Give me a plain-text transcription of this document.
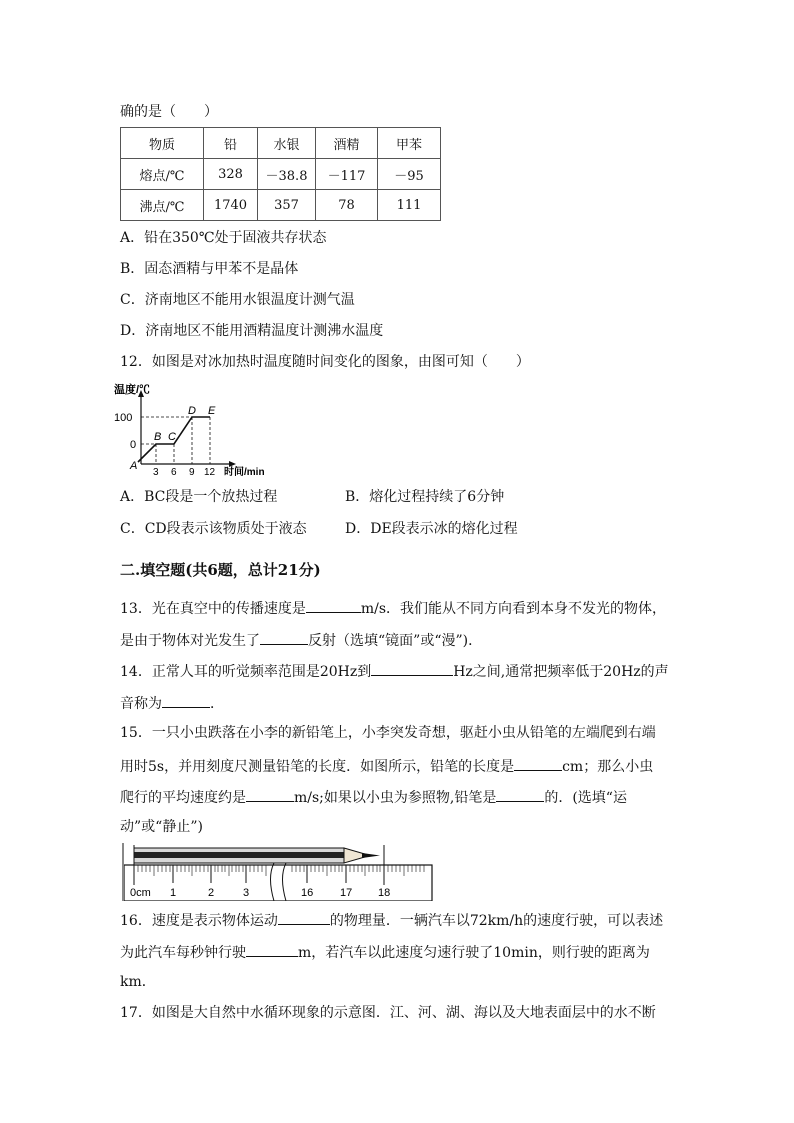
确的是（　　）
物质	铅	水银	酒精	甲苯
熔点/℃	328	－38.8	－117	－95
沸点/℃	1740	357	78	111
A．铅在350℃处于固液共存状态
B．固态酒精与甲苯不是晶体
C．济南地区不能用水银温度计测气温
D．济南地区不能用酒精温度计测沸水温度
12．如图是对冰加热时温度随时间变化的图象，由图可知（　　）
温度/℃
100
0
3 6 9 12 时间/min
A
B C
D E
A．BC段是一个放热过程	B．熔化过程持续了6分钟
C．CD段表示该物质处于液态	D．DE段表示冰的熔化过程
二.填空题(共6题，总计21分)
13．光在真空中的传播速度是	m/s．我们能从不同方向看到本身不发光的物体，
是由于物体对光发生了	反射（选填“镜面”或“漫”)．
14．正常人耳的听觉频率范围是20Hz到	Hz之间,通常把频率低于20Hz的声
音称为	．
15．一只小虫跌落在小李的新铅笔上，小李突发奇想，驱赶小虫从铅笔的左端爬到右端
用时5s，并用刻度尺测量铅笔的长度．如图所示，铅笔的长度是	cm；那么小虫
爬行的平均速度约是	m/s;如果以小虫为参照物,铅笔是	的．(选填“运
动”或“静止”)
0cm 1	2	3	16 17 18
16．速度是表示物体运动	的物理量．一辆汽车以72km/h的速度行驶，可以表述
为此汽车每秒钟行驶	m，若汽车以此速度匀速行驶了10min，则行驶的距离为
km．
17．如图是大自然中水循环现象的示意图．江、河、湖、海以及大地表面层中的水不断
